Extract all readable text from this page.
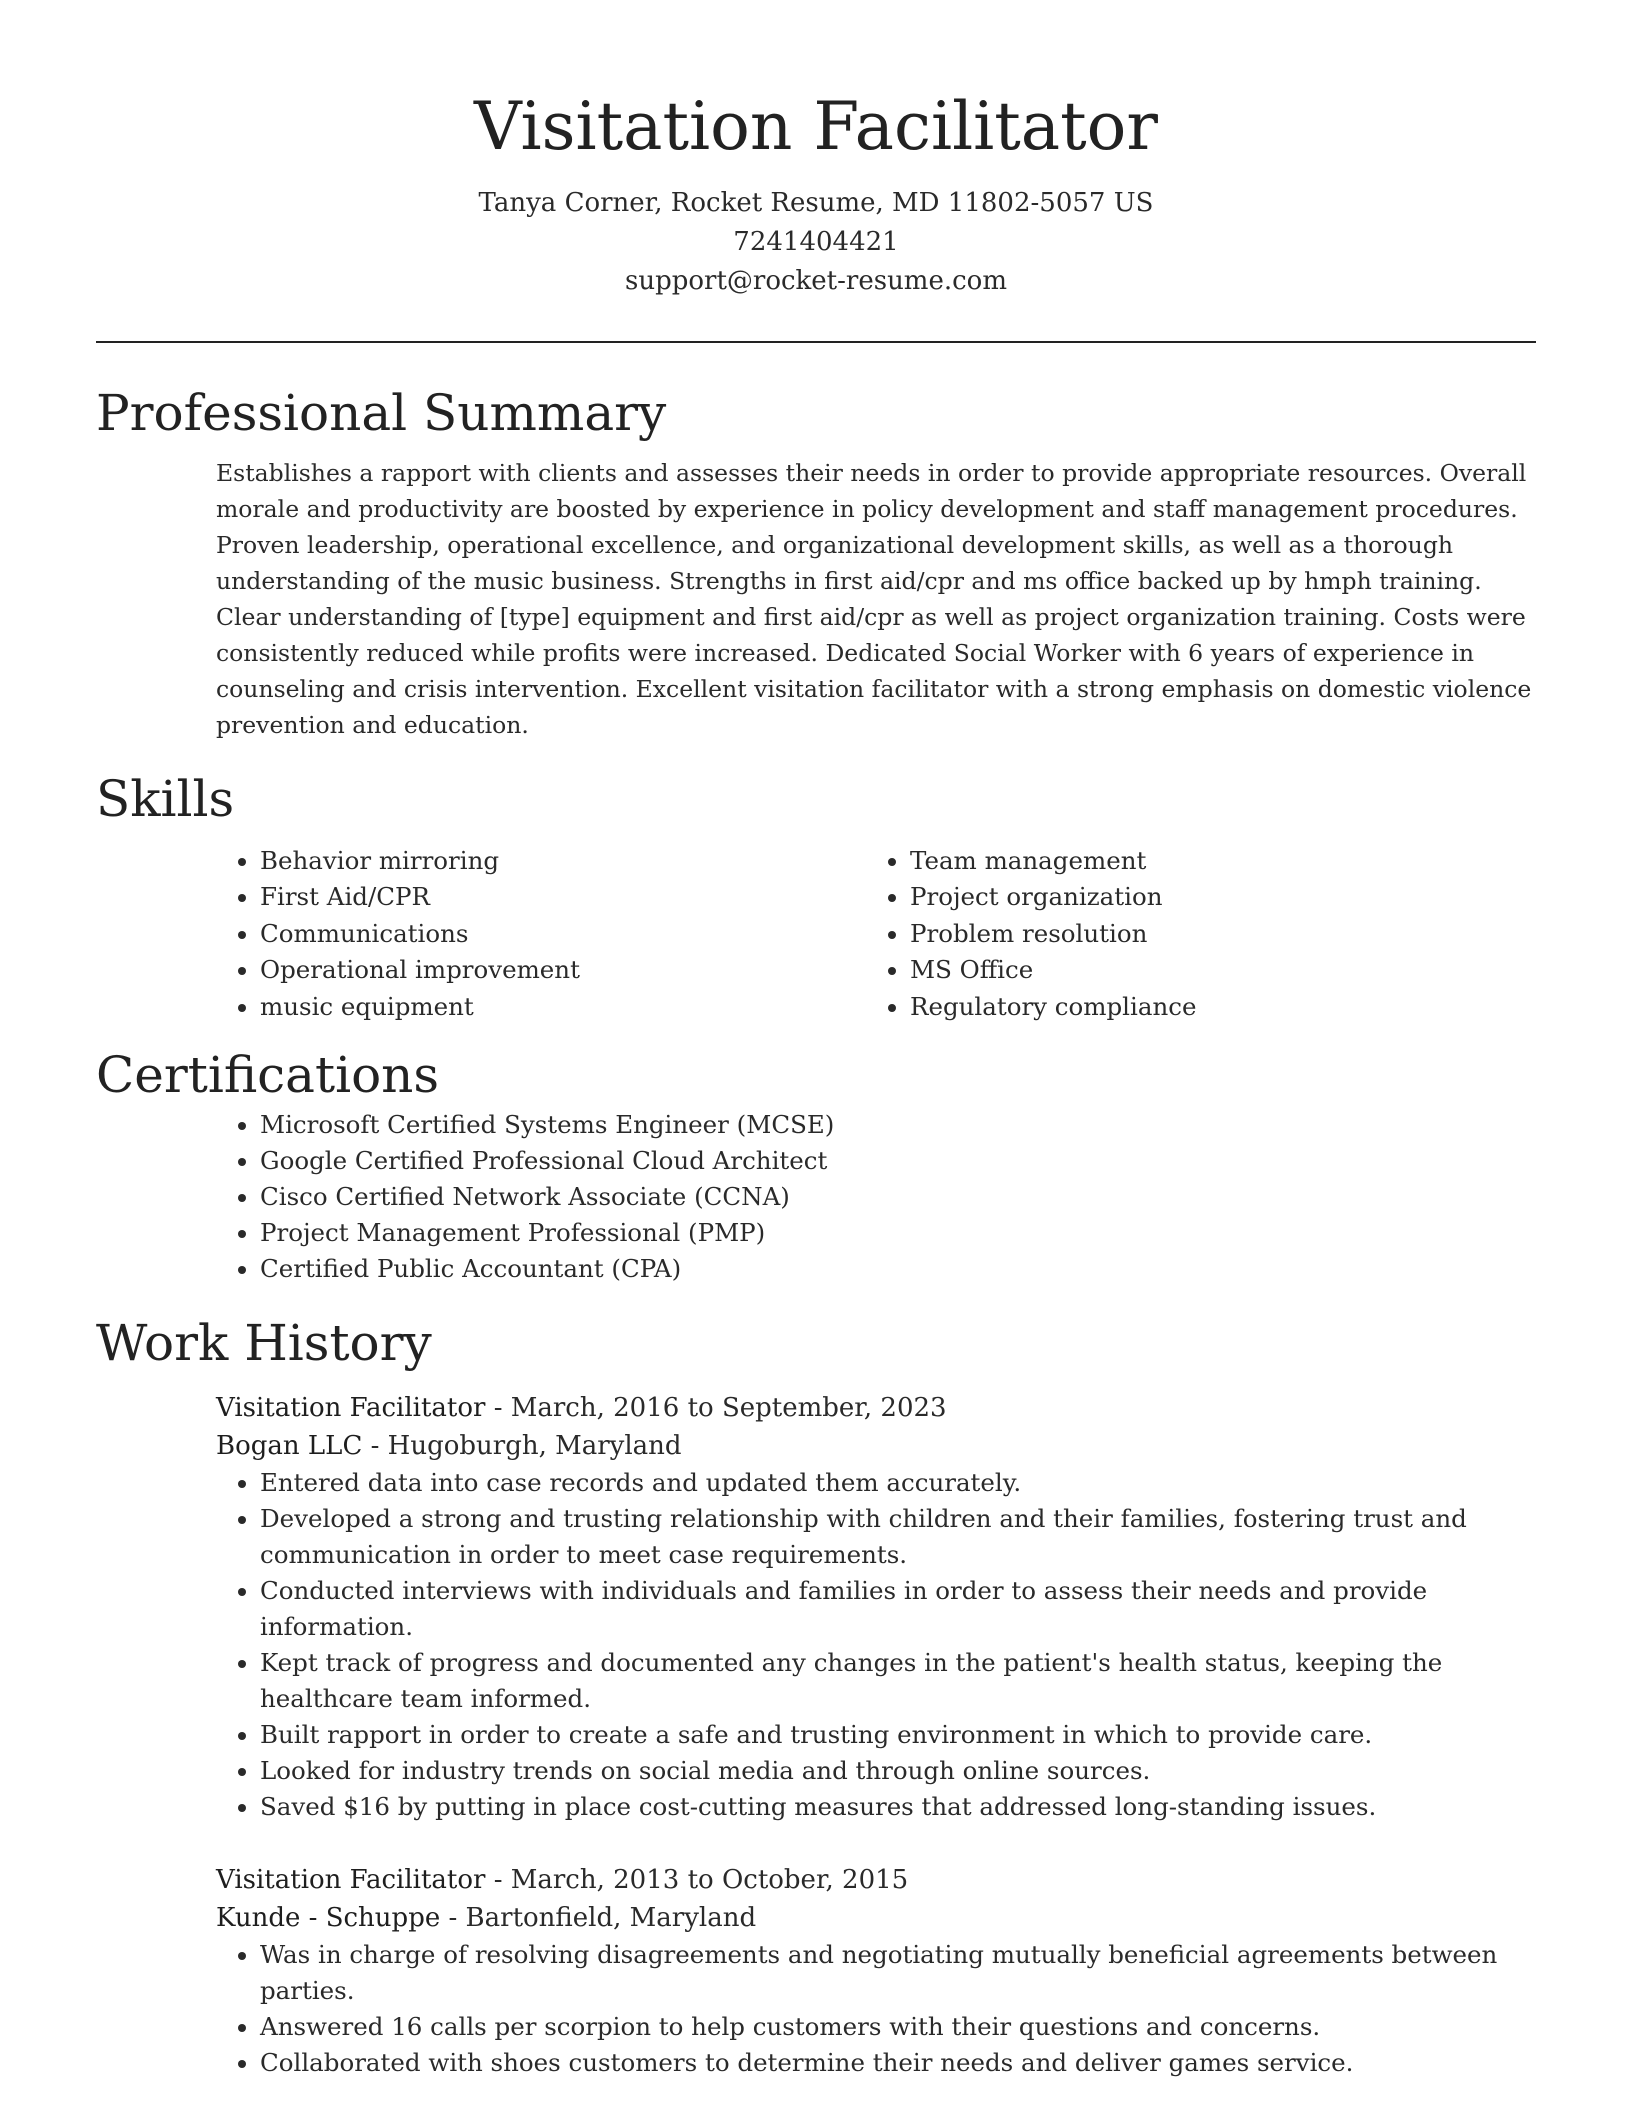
Visitation Facilitator
Tanya Corner, Rocket Resume, MD 11802-5057 US
7241404421
support@rocket-resume.com
Professional Summary

Establishes a rapport with clients and assesses their needs in order to provide appropriate resources. Overall morale and productivity are boosted by experience in policy development and staff management procedures. Proven leadership, operational excellence, and organizational development skills, as well as a thorough understanding of the music business. Strengths in first aid/cpr and ms office backed up by hmph training. Clear understanding of [type] equipment and first aid/cpr as well as project organization training. Costs were consistently reduced while profits were increased. Dedicated Social Worker with 6 years of experience in counseling and crisis intervention. Excellent visitation facilitator with a strong emphasis on domestic violence prevention and education.

Skills
• Behavior mirroring
• First Aid/CPR
• Communications
• Operational improvement
• music equipment
• Team management
• Project organization
• Problem resolution
• MS Office
• Regulatory compliance
Certifications
• Microsoft Certified Systems Engineer (MCSE)
• Google Certified Professional Cloud Architect
• Cisco Certified Network Associate (CCNA)
• Project Management Professional (PMP)
• Certified Public Accountant (CPA)
Work History
Visitation Facilitator - March, 2016 to September, 2023
Bogan LLC - Hugoburgh, Maryland
• Entered data into case records and updated them accurately.
• Developed a strong and trusting relationship with children and their families, fostering trust and communication in order to meet case requirements.
• Conducted interviews with individuals and families in order to assess their needs and provide information.
• Kept track of progress and documented any changes in the patient's health status, keeping the healthcare team informed.
• Built rapport in order to create a safe and trusting environment in which to provide care.
• Looked for industry trends on social media and through online sources.
• Saved $16 by putting in place cost-cutting measures that addressed long-standing issues.
Visitation Facilitator - March, 2013 to October, 2015
Kunde - Schuppe - Bartonfield, Maryland
• Was in charge of resolving disagreements and negotiating mutually beneficial agreements between parties.
• Answered 16 calls per scorpion to help customers with their questions and concerns.
• Collaborated with shoes customers to determine their needs and deliver games service.
